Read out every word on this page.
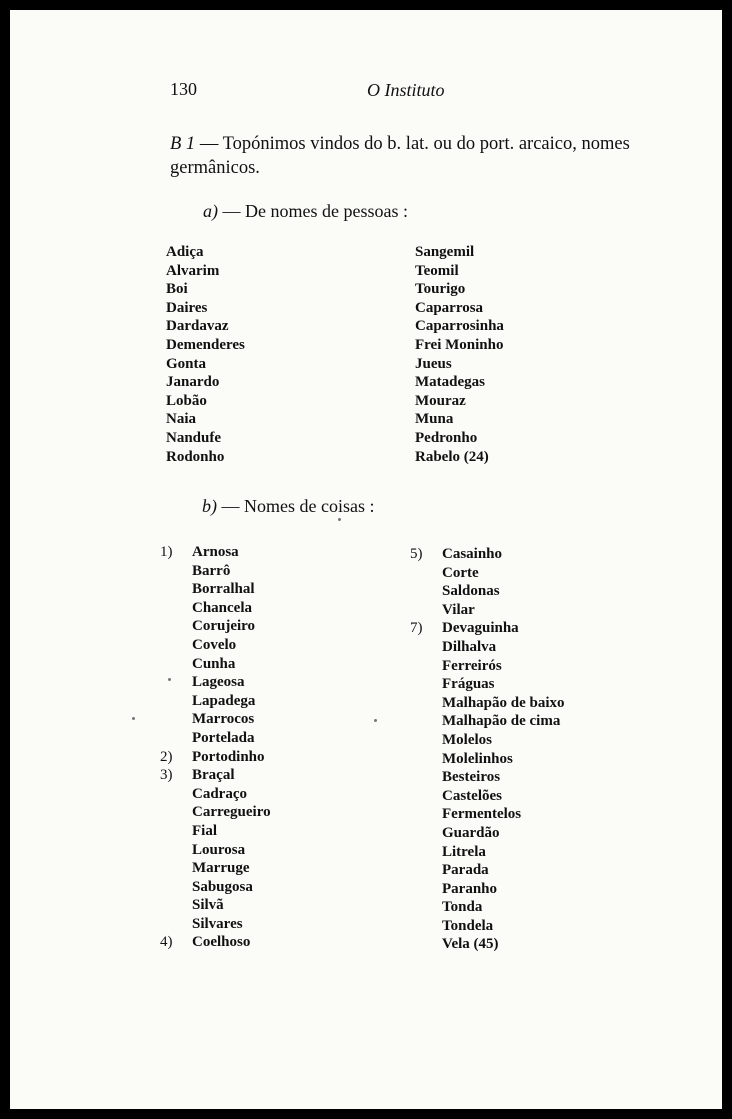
130	O Instituto
B 1 — Topónimos vindos do b. lat. ou do port. arcaico, nomes germânicos.
a) — De nomes de pessoas :
Adiça
Alvarim
Boi
Daires
Dardavaz
Demenderes
Gonta
Janardo
Lobão
Naia
Nandufe
Rodonho
Sangemil
Teomil
Tourigo
Caparrosa
Caparrosinha
Frei Moninho
Jueus
Matadegas
Mouraz
Muna
Pedronho
Rabelo (24)
b) — Nomes de coisas :
1) Arnosa
Barrô
Borralhal
Chancela
Corujeiro
Covelo
Cunha
Lageosa
Lapadega
Marrocos
Portelada
2) Portodinho
3) Braçal
Cadraço
Carregueiro
Fial
Lourosa
Marruge
Sabugosa
Silvã
Silvares
4) Coelhoso
5) Casainho
Corte
Saldonas
Vilar
7) Devaguinha
Dilhalva
Ferreirós
Fráguas
Malhapão de baixo
Malhapão de cima
Molelos
Molelinhos
Besteiros
Castelões
Fermentelos
Guardão
Litrela
Parada
Paranho
Tonda
Tondela
Vela (45)
